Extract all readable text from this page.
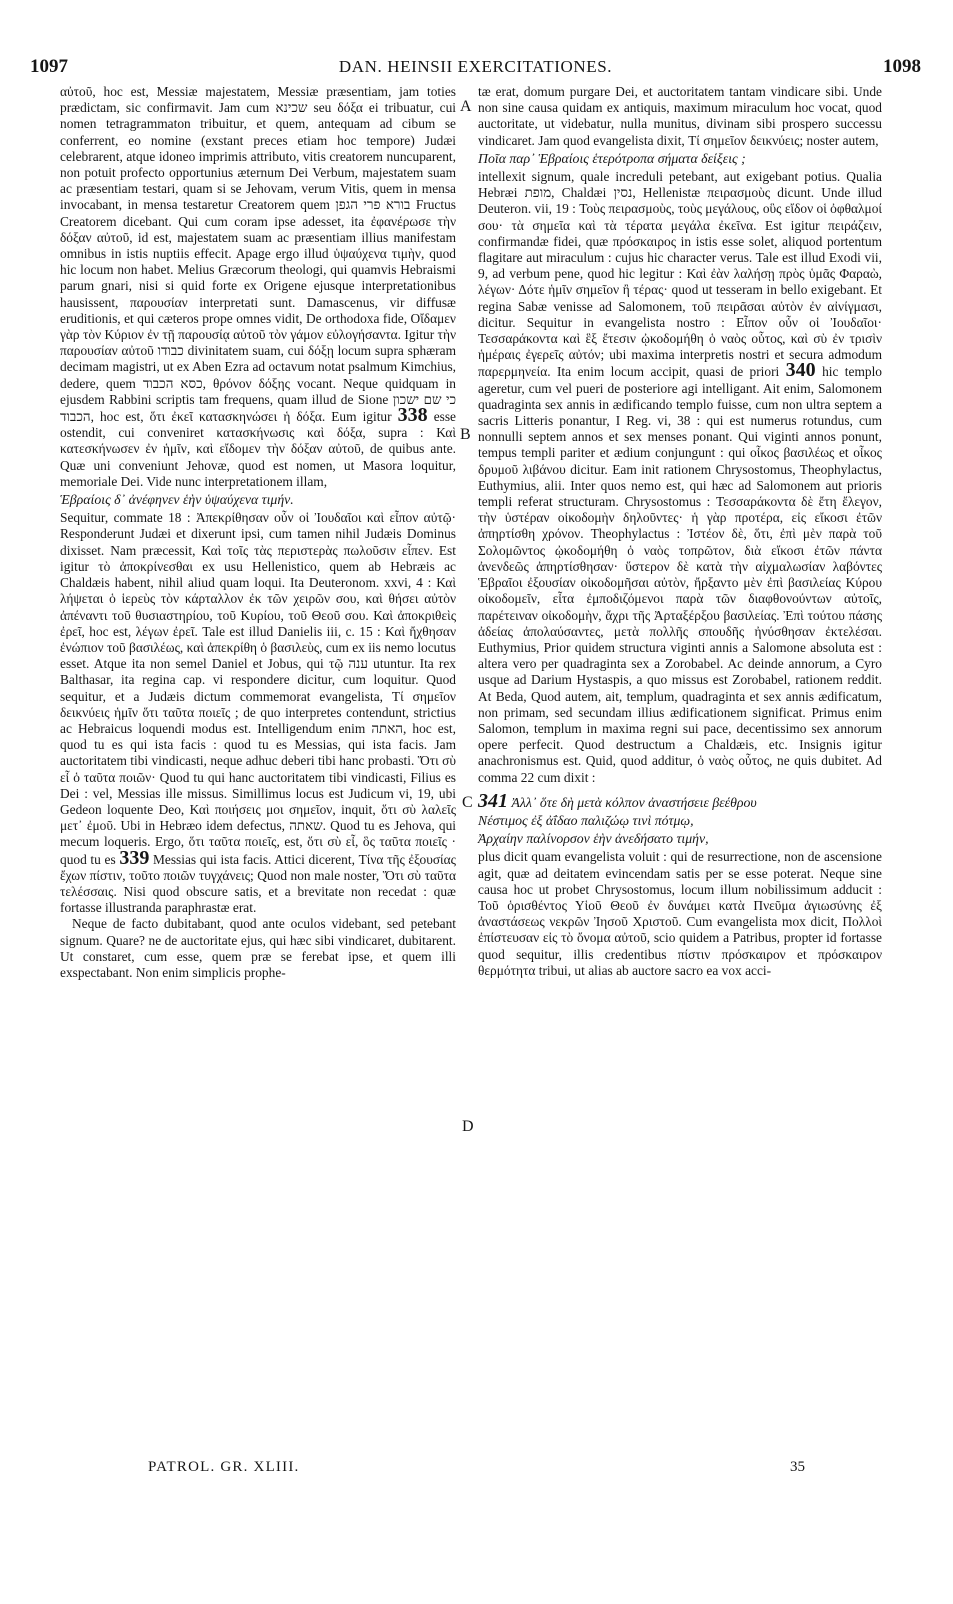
1097	DAN. HEINSII EXERCITATIONES.	1098
A
B
C
D

αὐτοῦ, hoc est, Messiæ majestatem, Messiæ præsentiam, jam toties prædictam, sic confirmavit. Jam cum שכינא seu δόξα ei tribuatur, cui nomen tetragrammaton tribuitur, et quem, antequam ad cibum se conferrent, eo nomine (exstant preces etiam hoc tempore) Judæi celebrarent, atque idoneo imprimis attributo, vitis creatorem nuncuparent, non potuit profecto opportunius æternum Dei Verbum, majestatem suam ac præsentiam testari, quam si se Jehovam, verum Vitis, quem in mensa invocabant, in mensa testaretur Creatorem quem בורא פרי הגפן Fructus Creatorem dicebant. Qui cum coram ipse adesset, ita ἐφανέρωσε τὴν δόξαν αὐτοῦ, id est, majestatem suam ac præsentiam illius manifestam omnibus in istis nuptiis effecit. Apage ergo illud ὑψαύχενα τιμὴν, quod hic locum non habet. Melius Græcorum theologi, qui quamvis Hebraismi parum gnari, nisi si quid forte ex Origene ejusque interpretationibus hausissent, παρουσίαν interpretati sunt. Damascenus, vir diffusæ eruditionis, et qui cæteros prope omnes vidit, De orthodoxa fide, Οἴδαμεν γὰρ τὸν Κύριον ἐν τῇ παρουσίᾳ αὐτοῦ τὸν γάμον εὐλογήσαντα. Igitur τὴν παρουσίαν αὐτοῦ כבודו divinitatem suam, cui δόξῃ locum supra sphæram decimam magistri, ut ex Aben Ezra ad octavum notat psalmum Kimchius, dedere, quem כסא הכבוד, θρόνον δόξης vocant. Neque quidquam in ejusdem Rabbini scriptis tam frequens, quam illud de Sione כי שם ישכון הכבוד, hoc est, ὅτι ἐκεῖ κατασκηνώσει ἡ δόξα. Eum igitur 338 esse ostendit, cui conveniret κατασκήνωσις καὶ δόξα, supra : Καὶ κατεσκήνωσεν ἐν ἡμῖν, καὶ εἴδομεν τὴν δόξαν αὐτοῦ, de quibus ante. Quæ uni conveniunt Jehovæ, quod est nomen, ut Masora loquitur, memoriale Dei. Vide nunc interpretationem illam,

Ἑβραίοις δ᾽ ἀνέφηνεν ἑὴν ὑψαύχενα τιμήν.

Sequitur, commate 18 : Ἀπεκρίθησαν οὖν οἱ Ἰουδαῖοι καὶ εἶπον αὐτῷ· Responderunt Judæi et dixerunt ipsi, cum tamen nihil Judæis Dominus dixisset. Nam præcessit, Καὶ τοῖς τὰς περιστερὰς πωλοῦσιν εἶπεν. Est igitur τὸ ἀποκρίνεσθαι ex usu Hellenistico, quem ab Hebræis ac Chaldæis habent, nihil aliud quam loqui. Ita Deuteronom. xxvi, 4 : Καὶ λήψεται ὁ ἱερεὺς τὸν κάρταλλον ἐκ τῶν χειρῶν σου, καὶ θήσει αὐτὸν ἀπέναντι τοῦ θυσιαστηρίου, τοῦ Κυρίου, τοῦ Θεοῦ σου. Καὶ ἀποκριθεὶς ἐρεῖ, hoc est, λέγων ἐρεῖ. Tale est illud Danielis iii, c. 15 : Καὶ ἤχθησαν ἐνώπιον τοῦ βασιλέως, καὶ ἀπεκρίθη ὁ βασιλεὺς, cum ex iis nemo locutus esset. Atque ita non semel Daniel et Jobus, qui τῷ ענה utuntur. Ita rex Balthasar, ita regina cap. vi respondere dicitur, cum loquitur. Quod sequitur, et a Judæis dictum commemorat evangelista, Τί σημεῖον δεικνύεις ἡμῖν ὅτι ταῦτα ποιεῖς ; de quo interpretes contendunt, strictius ac Hebraicus loquendi modus est. Intelligendum enim האתה, hoc est, quod tu es qui ista facis : quod tu es Messias, qui ista facis. Jam auctoritatem tibi vindicasti, neque adhuc deberi tibi hanc probasti. Ὅτι σὺ εἶ ὁ ταῦτα ποιῶν· Quod tu qui hanc auctoritatem tibi vindicasti, Filius es Dei : vel, Messias ille missus. Simillimus locus est Judicum vi, 19, ubi Gedeon loquente Deo, Καὶ ποιήσεις μοι σημεῖον, inquit, ὅτι σὺ λαλεῖς μετ᾽ ἐμοῦ. Ubi in Hebræo idem defectus, שאתה. Quod tu es Jehova, qui mecum loqueris. Ergo, ὅτι ταῦτα ποιεῖς, est, ὅτι σὺ εἶ, ὃς ταῦτα ποιεῖς · quod tu es 339 Messias qui ista facis. Attici dicerent, Τίνα τῆς ἐξουσίας ἔχων πίστιν, τοῦτο ποιῶν τυγχάνεις; Quod non male noster, Ὅτι σὺ ταῦτα τελέσσαις. Nisi quod obscure satis, et a brevitate non recedat : quæ fortasse illustranda paraphrastæ erat.

Neque de facto dubitabant, quod ante oculos videbant, sed petebant signum. Quare? ne de auctoritate ejus, qui hæc sibi vindicaret, dubitarent. Ut constaret, cum esse, quem præ se ferebat ipse, et quem illi exspectabant. Non enim simplicis prophe-

tæ erat, domum purgare Dei, et auctoritatem tantam vindicare sibi. Unde non sine causa quidam ex antiquis, maximum miraculum hoc vocat, quod auctoritate, ut videbatur, nulla munitus, divinam sibi prospero successu vindicaret. Jam quod evangelista dixit, Τί σημεῖον δεικνύεις; noster autem,

Ποῖα παρ᾽ Ἑβραίοις ἑτερότροπα σήματα δείξεις ;

intellexit signum, quale increduli petebant, aut exigebant potius. Qualia Hebræi מופת, Chaldæi נסין, Hellenistæ πειρασμοὺς dicunt. Unde illud Deuteron. vii, 19 : Τοὺς πειρασμοὺς, τοὺς μεγάλους, οὓς εἴδον οἱ ὀφθαλμοί σου· τὰ σημεῖα καὶ τὰ τέρατα μεγάλα ἐκεῖνα. Est igitur πειράζειν, confirmandæ fidei, quæ πρόσκαιρος in istis esse solet, aliquod portentum flagitare aut miraculum : cujus hic character verus. Tale est illud Exodi vii, 9, ad verbum pene, quod hic legitur : Καὶ ἐὰν λαλήσῃ πρὸς ὑμᾶς Φαραὼ, λέγων· Δότε ἡμῖν σημεῖον ἢ τέρας· quod ut tesseram in bello exigebant. Et regina Sabæ venisse ad Salomonem, τοῦ πειρᾶσαι αὐτὸν ἐν αἰνίγμασι, dicitur. Sequitur in evangelista nostro : Εἶπον οὖν οἱ Ἰουδαῖοι· Τεσσαράκοντα καὶ ἓξ ἔτεσιν ᾠκοδομήθη ὁ ναὸς οὗτος, καὶ σὺ ἐν τρισὶν ἡμέραις ἐγερεῖς αὐτόν; ubi maxima interpretis nostri et secura admodum παρερμηνεία. Ita enim locum accipit, quasi de priori 340 hic templo ageretur, cum vel pueri de posteriore agi intelligant. Ait enim, Salomonem quadraginta sex annis in ædificando templo fuisse, cum non ultra septem a sacris Litteris ponantur, I Reg. vi, 38 : qui est numerus rotundus, cum nonnulli septem annos et sex menses ponant. Qui viginti annos ponunt, tempus templi pariter et ædium conjungunt : qui οἶκος βασιλέως et οἶκος δρυμοῦ λιβάνου dicitur. Eam init rationem Chrysostomus, Theophylactus, Euthymius, alii. Inter quos nemo est, qui hæc ad Salomonem aut prioris templi referat structuram. Chrysostomus : Τεσσαράκοντα δὲ ἔτη ἔλεγον, τὴν ὑστέραν οἰκοδομὴν δηλοῦντες· ἡ γὰρ προτέρα, εἰς εἴκοσι ἐτῶν ἀπηρτίσθη χρόνον. Theophylactus : Ἰστέον δὲ, ὅτι, ἐπὶ μὲν παρὰ τοῦ Σολομῶντος ᾠκοδομήθη ὁ ναὸς τοπρῶτον, διὰ εἴκοσι ἐτῶν πάντα ἀνενδεῶς ἀπηρτίσθησαν· ὕστερον δὲ κατὰ τὴν αἰχμαλωσίαν λαβόντες Ἑβραῖοι ἐξουσίαν οἰκοδομῆσαι αὐτὸν, ἤρξαντο μὲν ἐπὶ βασιλείας Κύρου οἰκοδομεῖν, εἶτα ἐμποδιζόμενοι παρὰ τῶν διαφθονούντων αὐτοῖς, παρέτειναν οἰκοδομὴν, ἄχρι τῆς Ἀρταξέρξου βασιλείας. Ἐπὶ τούτου πάσης ἀδείας ἀπολαύσαντες, μετὰ πολλῆς σπουδῆς ἠνύσθησαν ἐκτελέσαι. Euthymius, Prior quidem structura viginti annis a Salomone absoluta est : altera vero per quadraginta sex a Zorobabel. Ac deinde annorum, a Cyro usque ad Darium Hystaspis, a quo missus est Zorobabel, rationem reddit. At Beda, Quod autem, ait, templum, quadraginta et sex annis ædificatum, non primam, sed secundam illius ædificationem significat. Primus enim Salomon, templum in maxima regni sui pace, decentissimo sex annorum opere perfecit. Quod destructum a Chaldæis, etc. Insignis igitur anachronismus est. Quid, quod additur, ὁ ναὸς οὗτος, ne quis dubitet. Ad comma 22 cum dixit :

341 Ἀλλ᾽ ὅτε δὴ μετὰ κόλπον ἀναστήσειε βεέθρου

Νέστιμος ἐξ ἀΐδαο παλιζώῳ τινὶ πότμῳ,

Ἀρχαίην παλίνορσον ἑὴν ἀνεδήσατο τιμήν,

plus dicit quam evangelista voluit : qui de resurrectione, non de ascensione agit, quæ ad deitatem evincendam satis per se esse poterat. Neque sine causa hoc ut probet Chrysostomus, locum illum nobilissimum adducit : Τοῦ ὁρισθέντος Υἱοῦ Θεοῦ ἐν δυνάμει κατὰ Πνεῦμα ἁγιωσύνης ἐξ ἀναστάσεως νεκρῶν Ἰησοῦ Χριστοῦ. Cum evangelista mox dicit, Πολλοὶ ἐπίστευσαν εἰς τὸ ὄνομα αὐτοῦ, scio quidem a Patribus, propter id fortasse quod sequitur, illis credentibus πίστιν πρόσκαιρον et πρόσκαιρον θερμότητα tribui, ut alias ab auctore sacro ea vox acci-

PATROL. GR. XLIII.	35
